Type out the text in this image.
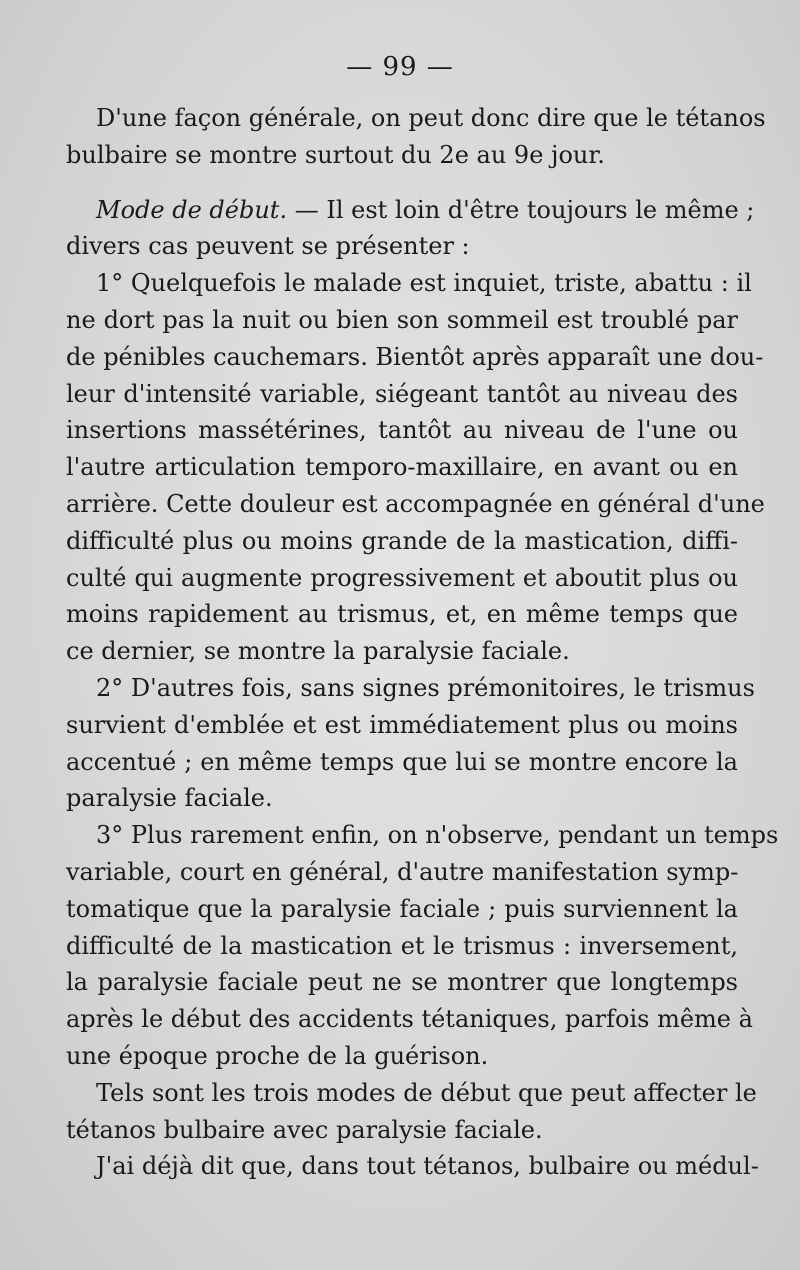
— 99 —
D'une façon générale, on peut donc dire que le tétanos
bulbaire se montre surtout du 2e au 9e jour.
Mode de début. — Il est loin d'être toujours le même ;
divers cas peuvent se présenter :
1° Quelquefois le malade est inquiet, triste, abattu : il
ne dort pas la nuit ou bien son sommeil est troublé par
de pénibles cauchemars. Bientôt après apparaît une dou-
leur d'intensité variable, siégeant tantôt au niveau des
insertions massétérines, tantôt au niveau de l'une ou
l'autre articulation temporo-maxillaire, en avant ou en
arrière. Cette douleur est accompagnée en général d'une
difficulté plus ou moins grande de la mastication, diffi-
culté qui augmente progressivement et aboutit plus ou
moins rapidement au trismus, et, en même temps que
ce dernier, se montre la paralysie faciale.
2° D'autres fois, sans signes prémonitoires, le trismus
survient d'emblée et est immédiatement plus ou moins
accentué ; en même temps que lui se montre encore la
paralysie faciale.
3° Plus rarement enfin, on n'observe, pendant un temps
variable, court en général, d'autre manifestation symp-
tomatique que la paralysie faciale ; puis surviennent la
difficulté de la mastication et le trismus : inversement,
la paralysie faciale peut ne se montrer que longtemps
après le début des accidents tétaniques, parfois même à
une époque proche de la guérison.
Tels sont les trois modes de début que peut affecter le
tétanos bulbaire avec paralysie faciale.
J'ai déjà dit que, dans tout tétanos, bulbaire ou médul-
